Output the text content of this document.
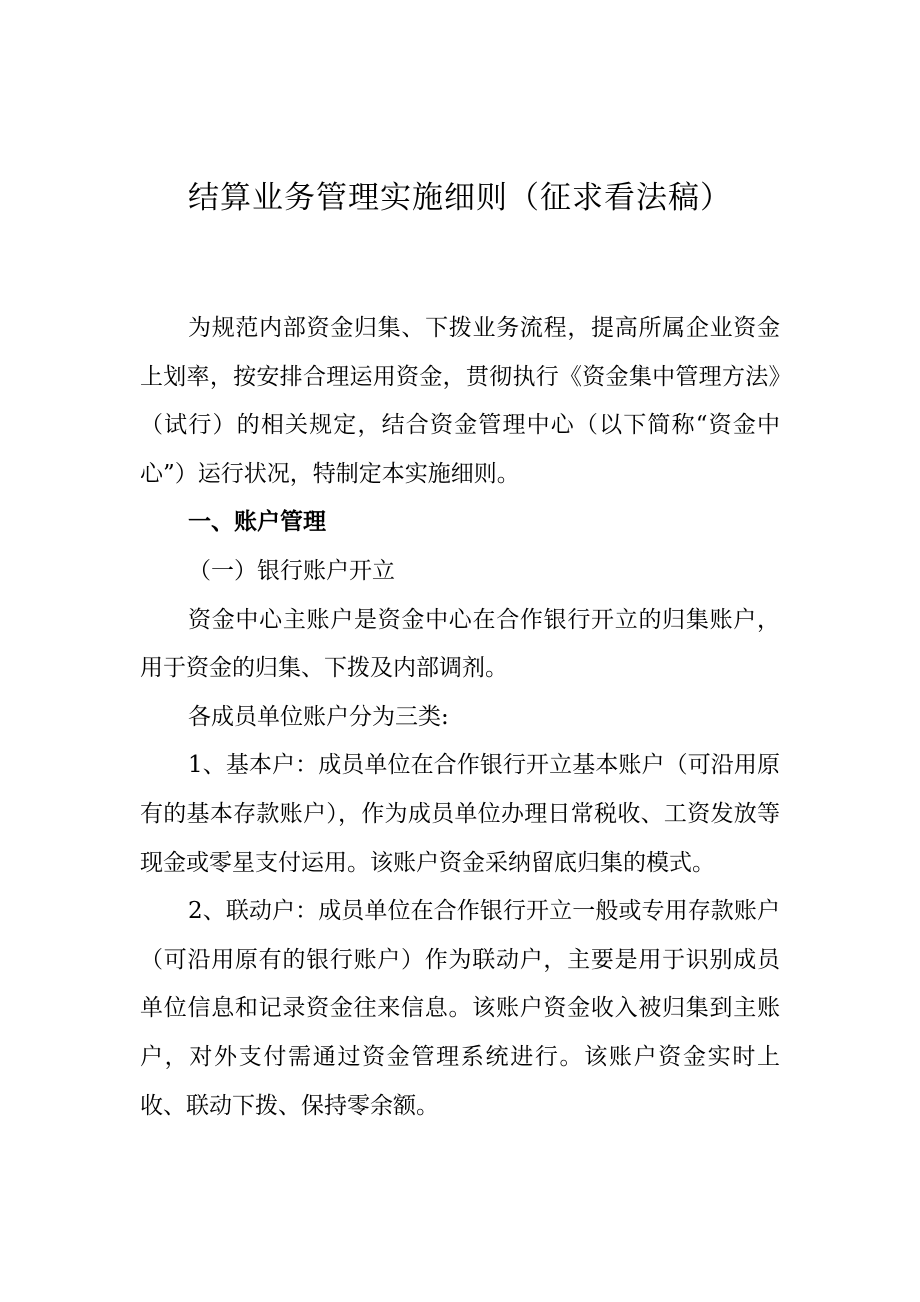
结算业务管理实施细则（征求看法稿）

为规范内部资金归集、下拨业务流程，提高所属企业资金上划率，按安排合理运用资金，贯彻执行《资金集中管理方法》（试行）的相关规定，结合资金管理中心（以下简称“资金中心”）运行状况，特制定本实施细则。

一、账户管理

（一）银行账户开立

资金中心主账户是资金中心在合作银行开立的归集账户，用于资金的归集、下拨及内部调剂。

各成员单位账户分为三类:

1、基本户：成员单位在合作银行开立基本账户（可沿用原有的基本存款账户），作为成员单位办理日常税收、工资发放等现金或零星支付运用。该账户资金采纳留底归集的模式。

2、联动户：成员单位在合作银行开立一般或专用存款账户（可沿用原有的银行账户）作为联动户，主要是用于识别成员单位信息和记录资金往来信息。该账户资金收入被归集到主账户，对外支付需通过资金管理系统进行。该账户资金实时上收、联动下拨、保持零余额。
